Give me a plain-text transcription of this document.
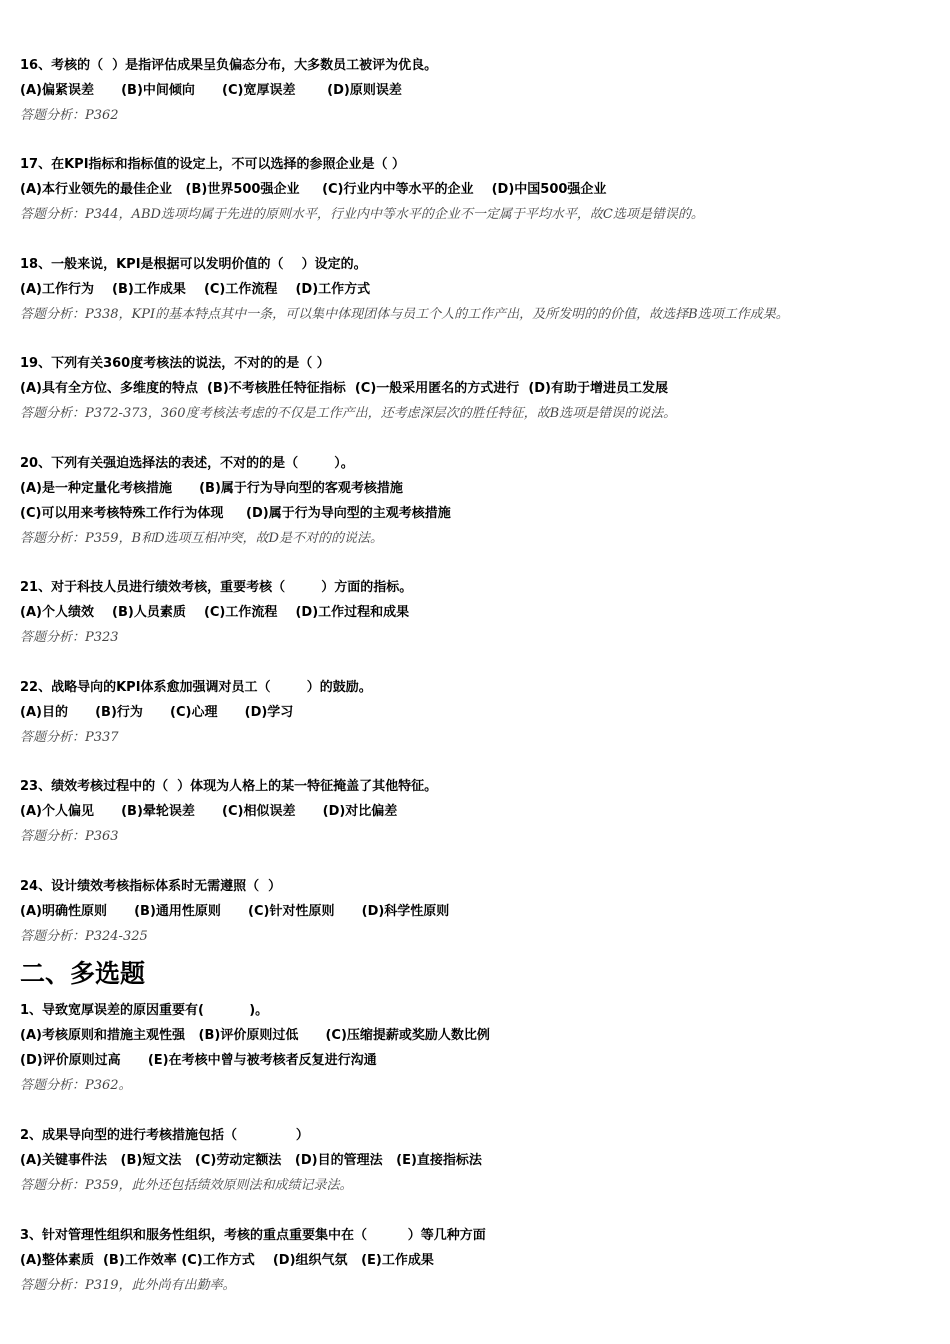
16、考核的（  ）是指评估成果呈负偏态分布，大多数员工被评为优良。
(A)偏紧误差      (B)中间倾向      (C)宽厚误差       (D)原则误差
答题分析：P362
17、在KPI指标和指标值的设定上，不可以选择的参照企业是（ ）
(A)本行业领先的最佳企业   (B)世界500强企业     (C)行业内中等水平的企业    (D)中国500强企业
答题分析：P344，ABD选项均属于先进的原则水平，行业内中等水平的企业不一定属于平均水平，故C选项是错误的。
18、一般来说，KPI是根据可以发明价值的（    ）设定的。
(A)工作行为    (B)工作成果    (C)工作流程    (D)工作方式
答题分析：P338，KPI的基本特点其中一条，可以集中体现团体与员工个人的工作产出，及所发明的的价值，故选择B选项工作成果。
19、下列有关360度考核法的说法，不对的的是（ ）
(A)具有全方位、多维度的特点  (B)不考核胜任特征指标  (C)一般采用匿名的方式进行  (D)有助于增进员工发展
答题分析：P372-373，360度考核法考虑的不仅是工作产出，还考虑深层次的胜任特征，故B选项是错误的说法。
20、下列有关强迫选择法的表述，不对的的是（        ）。
(A)是一种定量化考核措施      (B)属于行为导向型的客观考核措施
(C)可以用来考核特殊工作行为体现     (D)属于行为导向型的主观考核措施
答题分析：P359，B和D选项互相冲突，故D是不对的的说法。
21、对于科技人员进行绩效考核，重要考核（        ）方面的指标。
(A)个人绩效    (B)人员素质    (C)工作流程    (D)工作过程和成果
答题分析：P323
22、战略导向的KPI体系愈加强调对员工（        ）的鼓励。
(A)目的      (B)行为      (C)心理      (D)学习
答题分析：P337
23、绩效考核过程中的（  ）体现为人格上的某一特征掩盖了其他特征。
(A)个人偏见      (B)晕轮误差      (C)相似误差      (D)对比偏差
答题分析：P363
24、设计绩效考核指标体系时无需遵照（  ）
(A)明确性原则      (B)通用性原则      (C)针对性原则      (D)科学性原则
答题分析：P324-325
二、多选题
1、导致宽厚误差的原因重要有(          )。
(A)考核原则和措施主观性强   (B)评价原则过低      (C)压缩提薪或奖励人数比例
(D)评价原则过高      (E)在考核中曾与被考核者反复进行沟通
答题分析：P362。
2、成果导向型的进行考核措施包括（             ）
(A)关键事件法   (B)短文法   (C)劳动定额法   (D)目的管理法   (E)直接指标法
答题分析：P359，此外还包括绩效原则法和成绩记录法。
3、针对管理性组织和服务性组织，考核的重点重要集中在（         ）等几种方面
(A)整体素质  (B)工作效率 (C)工作方式    (D)组织气氛   (E)工作成果
答题分析：P319，此外尚有出勤率。
